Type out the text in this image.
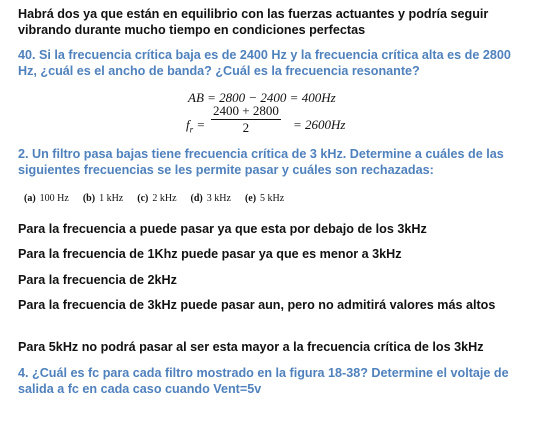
Habrá dos ya que están en equilibrio con las fuerzas actuantes y podría seguir vibrando durante mucho tiempo en condiciones perfectas

40. Si la frecuencia crítica baja es de 2400 Hz y la frecuencia crítica alta es de 2800 Hz, ¿cuál es el ancho de banda? ¿Cuál es la frecuencia resonante?

AB = 2800 − 2400 = 400Hz
$f_r = \frac{2400 + 2800}{2} = 2600Hz$

2. Un filtro pasa bajas tiene frecuencia crítica de 3 kHz. Determine a cuáles de las siguientes frecuencias se les permite pasar y cuáles son rechazadas:

(a) 100 Hz (b) 1 kHz (c) 2 kHz (d) 3 kHz (e) 5 kHz

Para la frecuencia a puede pasar ya que esta por debajo de los 3kHz

Para la frecuencia de 1Khz puede pasar ya que es menor a 3kHz

Para la frecuencia de 2kHz

Para la frecuencia de 3kHz puede pasar aun, pero no admitirá valores más altos

Para 5kHz no podrá pasar al ser esta mayor a la frecuencia crítica de los 3kHz

4. ¿Cuál es fc para cada filtro mostrado en la figura 18-38? Determine el voltaje de salida a fc en cada caso cuando Vent=5v
